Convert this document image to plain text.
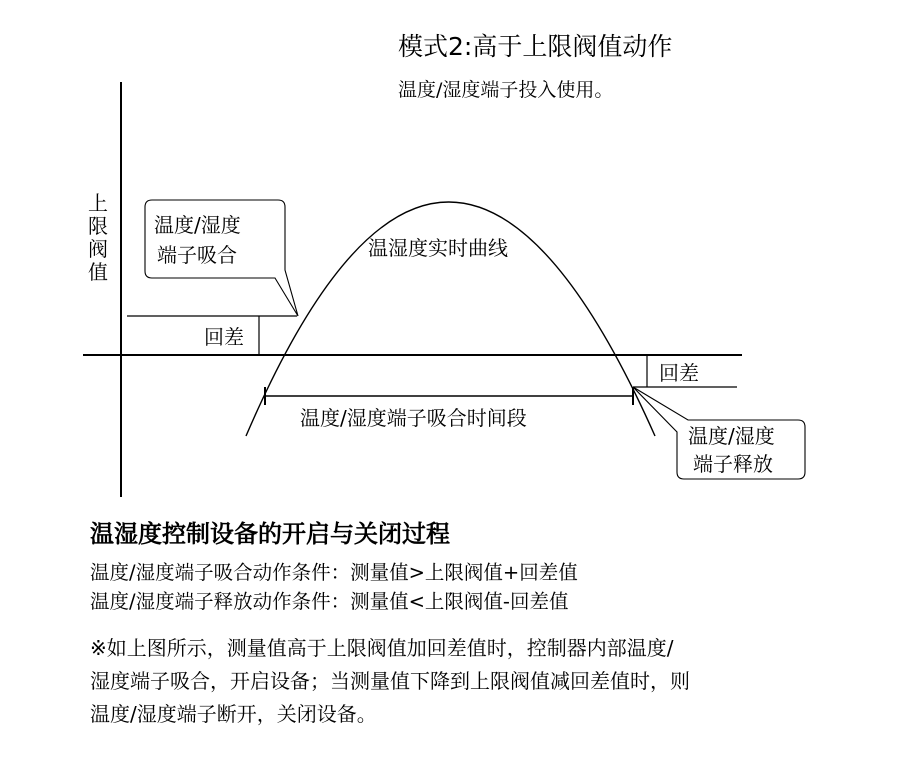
模式2:高于上限阀值动作
温度/湿度端子投入使用。
上
限
阀
值
回差
回差
温湿度实时曲线
温度/湿度端子吸合时间段
温度/湿度
端子吸合
温度/湿度
端子释放
温湿度控制设备的开启与关闭过程
温度/湿度端子吸合动作条件：测量值>上限阀值+回差值
温度/湿度端子释放动作条件：测量值<上限阀值-回差值
※如上图所示，测量值高于上限阀值加回差值时，控制器内部温度/
湿度端子吸合，开启设备；当测量值下降到上限阀值减回差值时，则
温度/湿度端子断开，关闭设备。
